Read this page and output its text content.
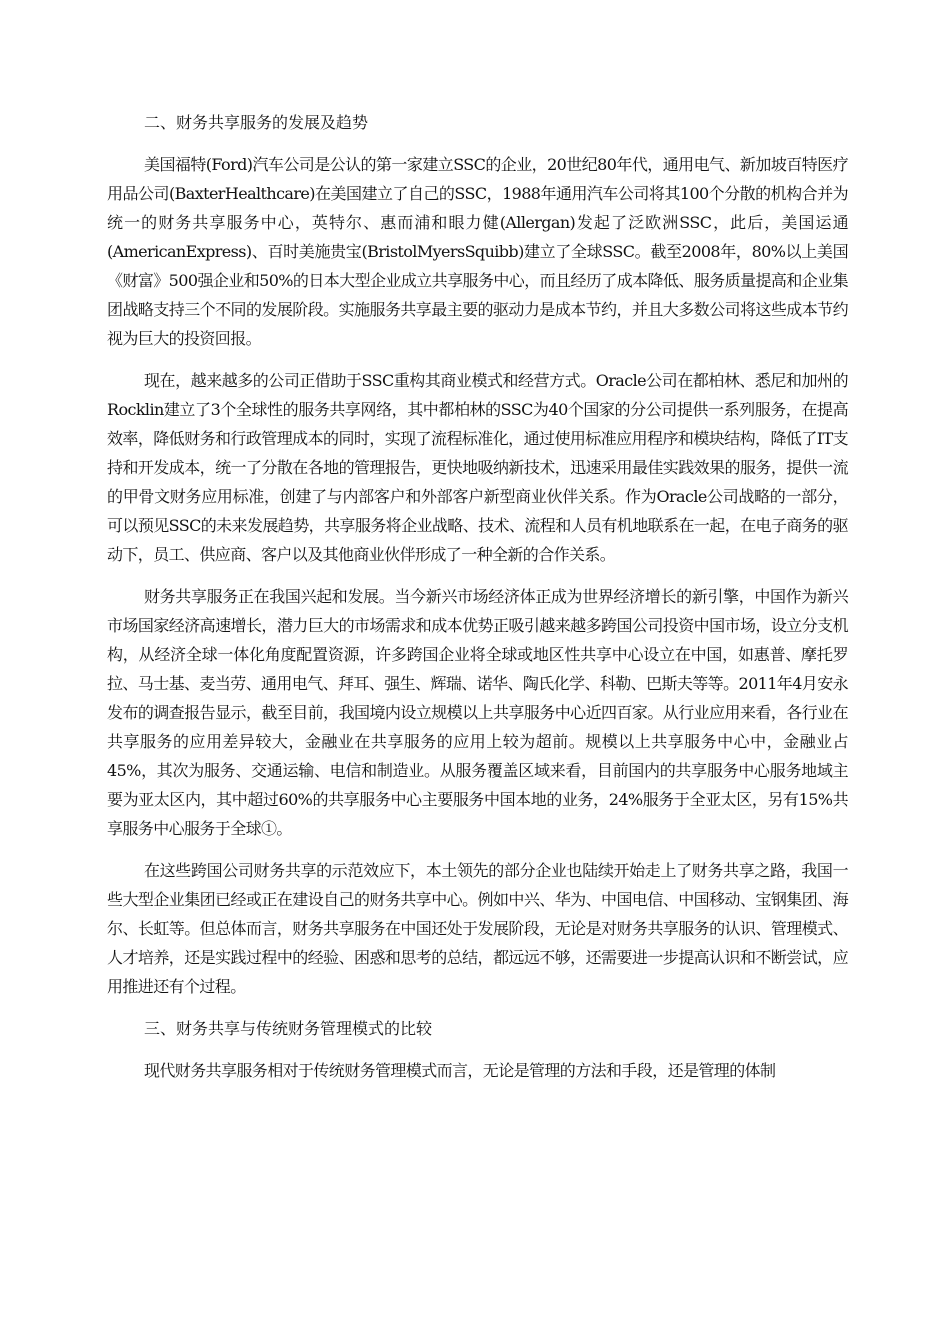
二、财务共享服务的发展及趋势

美国福特(Ford)汽车公司是公认的第一家建立SSC的企业，20世纪80年代，通用电气、新加坡百特医疗用品公司(BaxterHealthcare)在美国建立了自己的SSC，1988年通用汽车公司将其100个分散的机构合并为统一的财务共享服务中心，英特尔、惠而浦和眼力健(Allergan)发起了泛欧洲SSC，此后，美国运通(AmericanExpress)、百时美施贵宝(BristolMyersSquibb)建立了全球SSC。截至2008年，80%以上美国《财富》500强企业和50%的日本大型企业成立共享服务中心，而且经历了成本降低、服务质量提高和企业集团战略支持三个不同的发展阶段。实施服务共享最主要的驱动力是成本节约，并且大多数公司将这些成本节约视为巨大的投资回报。

现在，越来越多的公司正借助于SSC重构其商业模式和经营方式。Oracle公司在都柏林、悉尼和加州的Rocklin建立了3个全球性的服务共享网络，其中都柏林的SSC为40个国家的分公司提供一系列服务，在提高效率，降低财务和行政管理成本的同时，实现了流程标准化，通过使用标准应用程序和模块结构，降低了IT支持和开发成本，统一了分散在各地的管理报告，更快地吸纳新技术，迅速采用最佳实践效果的服务，提供一流的甲骨文财务应用标准，创建了与内部客户和外部客户新型商业伙伴关系。作为Oracle公司战略的一部分，可以预见SSC的未来发展趋势，共享服务将企业战略、技术、流程和人员有机地联系在一起，在电子商务的驱动下，员工、供应商、客户以及其他商业伙伴形成了一种全新的合作关系。

财务共享服务正在我国兴起和发展。当今新兴市场经济体正成为世界经济增长的新引擎，中国作为新兴市场国家经济高速增长，潜力巨大的市场需求和成本优势正吸引越来越多跨国公司投资中国市场，设立分支机构，从经济全球一体化角度配置资源，许多跨国企业将全球或地区性共享中心设立在中国，如惠普、摩托罗拉、马士基、麦当劳、通用电气、拜耳、强生、辉瑞、诺华、陶氏化学、科勒、巴斯夫等等。2011年4月安永发布的调查报告显示，截至目前，我国境内设立规模以上共享服务中心近四百家。从行业应用来看，各行业在共享服务的应用差异较大，金融业在共享服务的应用上较为超前。规模以上共享服务中心中，金融业占45%，其次为服务、交通运输、电信和制造业。从服务覆盖区域来看，目前国内的共享服务中心服务地域主要为亚太区内，其中超过60%的共享服务中心主要服务中国本地的业务，24%服务于全亚太区，另有15%共享服务中心服务于全球①。

在这些跨国公司财务共享的示范效应下，本土领先的部分企业也陆续开始走上了财务共享之路，我国一些大型企业集团已经或正在建设自己的财务共享中心。例如中兴、华为、中国电信、中国移动、宝钢集团、海尔、长虹等。但总体而言，财务共享服务在中国还处于发展阶段，无论是对财务共享服务的认识、管理模式、人才培养，还是实践过程中的经验、困惑和思考的总结，都远远不够，还需要进一步提高认识和不断尝试，应用推进还有个过程。

三、财务共享与传统财务管理模式的比较

现代财务共享服务相对于传统财务管理模式而言，无论是管理的方法和手段，还是管理的体制
